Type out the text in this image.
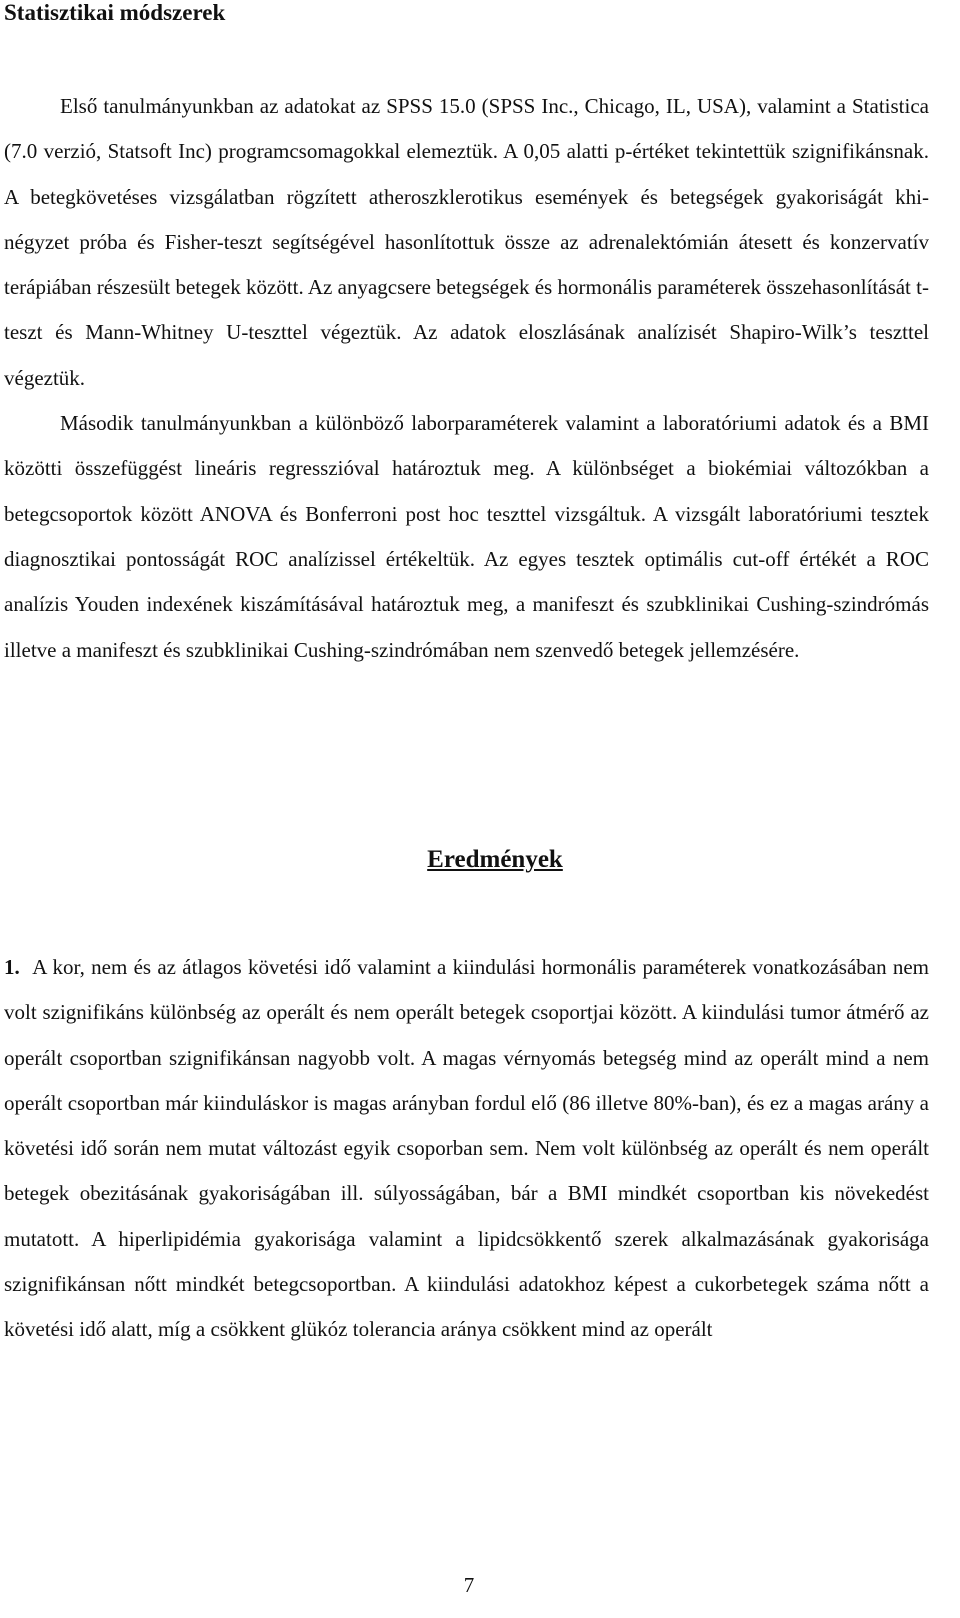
Statisztikai módszerek

Első tanulmányunkban az adatokat az SPSS 15.0 (SPSS Inc., Chicago, IL, USA), valamint a Statistica (7.0 verzió, Statsoft Inc) programcsomagokkal elemeztük. A 0,05 alatti p-értéket tekintettük szignifikánsnak. A betegkövetéses vizsgálatban rögzített atheroszklerotikus események és betegségek gyakoriságát khi-négyzet próba és Fisher-teszt segítségével hasonlítottuk össze az adrenalektómián átesett és konzervatív terápiában részesült betegek között. Az anyagcsere betegségek és hormonális paraméterek összehasonlítását t-teszt és Mann-Whitney U-teszttel végeztük. Az adatok eloszlásának analízisét Shapiro-Wilk’s teszttel végeztük.

Második tanulmányunkban a különböző laborparaméterek valamint a laboratóriumi adatok és a BMI közötti összefüggést lineáris regresszióval határoztuk meg. A különbséget a biokémiai változókban a betegcsoportok között ANOVA és Bonferroni post hoc teszttel vizsgáltuk. A vizsgált laboratóriumi tesztek diagnosztikai pontosságát ROC analízissel értékeltük. Az egyes tesztek optimális cut-off értékét a ROC analízis Youden indexének kiszámításával határoztuk meg, a manifeszt és szubklinikai Cushing-szindrómás illetve a manifeszt és szubklinikai Cushing-szindrómában nem szenvedő betegek jellemzésére.

Eredmények

1. A kor, nem és az átlagos követési idő valamint a kiindulási hormonális paraméterek vonatkozásában nem volt szignifikáns különbség az operált és nem operált betegek csoportjai között. A kiindulási tumor átmérő az operált csoportban szignifikánsan nagyobb volt. A magas vérnyomás betegség mind az operált mind a nem operált csoportban már kiinduláskor is magas arányban fordul elő (86 illetve 80%-ban), és ez a magas arány a követési idő során nem mutat változást egyik csoporban sem. Nem volt különbség az operált és nem operált betegek obezitásának gyakoriságában ill. súlyosságában, bár a BMI mindkét csoportban kis növekedést mutatott. A hiperlipidémia gyakorisága valamint a lipidcsökkentő szerek alkalmazásának gyakorisága szignifikánsan nőtt mindkét betegcsoportban. A kiindulási adatokhoz képest a cukorbetegek száma nőtt a követési idő alatt, míg a csökkent glükóz tolerancia aránya csökkent mind az operált

7
